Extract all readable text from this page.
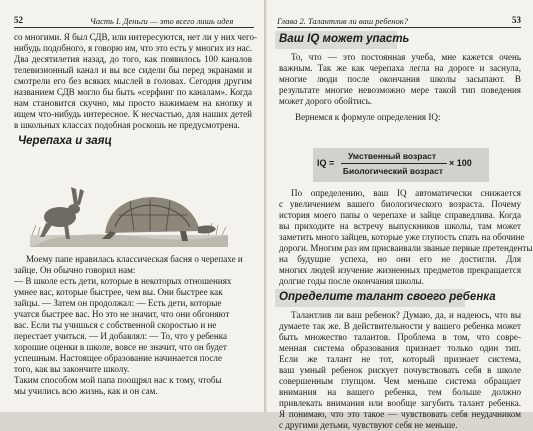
52	Часть I. Деньги — это всего лишь идея
со многими. Я был СДВ, или интересуются, нет ли у них чего-
нибудь подобного, я говорю им, что это есть у многих из нас.
Два десятилетия назад, до того, как появилось 100 каналов
телевизионный канал и вы все сидели бы перед экранами и
смотрели его без всяких мыслей в головах. Сегодня другим
названием СДВ могло бы быть «серфинг по каналам». Когда
нам становится скучно, мы просто нажимаем на кнопку и
ищем что-нибудь интересное. К несчастью, для наших детей
в школьных классах подобная роскошь не предусмотрена.
Черепаха и заяц
Моему папе нравилась классическая басня о черепахе и
зайце. Он обычно говорил нам:
— В школе есть дети, которые в некоторых отношениях
умнее вас, которые быстрее, чем вы. Они быстрее как
зайцы. — Затем он продолжал: — Есть дети, которые
учатся быстрее вас. Но это не значит, что они обгоняют
вас. Если ты учишься с собственной скоростью и не
перестает учиться. — И добавлял: — То, что у ребенка
хорошие оценки в школе, вовсе не значит, что он будет
успешным. Настоящее образование начинается после
того, как вы закончите школу.
Таким способом мой папа поощрял нас к тому, чтобы
мы учились всю жизнь, как и он сам.
Глава 2. Талантлив ли ваш ребенок?	53
Ваш IQ может упасть
То, что — это постоянная учеба, мне кажется очень
важным. Так же как черепаха легла на дороге и заснула,
многие люди после окончания школы засыпают. В
результате многие невозможно мере такой тип поведения
может дорого обойтись.
Вернемся к формуле определения IQ:
По определению, ваш IQ автоматически снижается
с увеличением вашего биологического возраста. Почему
история моего папы о черепахе и зайце справедлива. Когда
вы приходите на встречу выпускников школы, там может
заметить много зайцев, которые уже глупость спать на обочине
дороги. Многим раз им присваивали званые первые претенденты
на будущие успеха, но они его не достигли. Для
многих людей изучение жизненных предметов прекращается
долгие годы после окончания школы.
Определите талант своего ребенка
Талантлив ли ваш ребенок? Думаю, да, и надеюсь, что вы
думаете так же. В действительности у вашего ребенка может
быть множество талантов. Проблема в том, что совре-
менная система образования признает только один тип.
Если же талант не тот, который признает система,
ваш умный ребенок рискует почувствовать себя в школе
совершенным глупцом. Чем меньше система обращает
внимания на вашего ребенка, тем больше должно
привлекать внимания или вообще загубить талант ребенка.
Я понимаю, что это такое — чувствовать себя неудачником
с другими детьми, чувствуют себя не меньше.
IQ =
Умственный возраст
Биологический возраст
× 100
